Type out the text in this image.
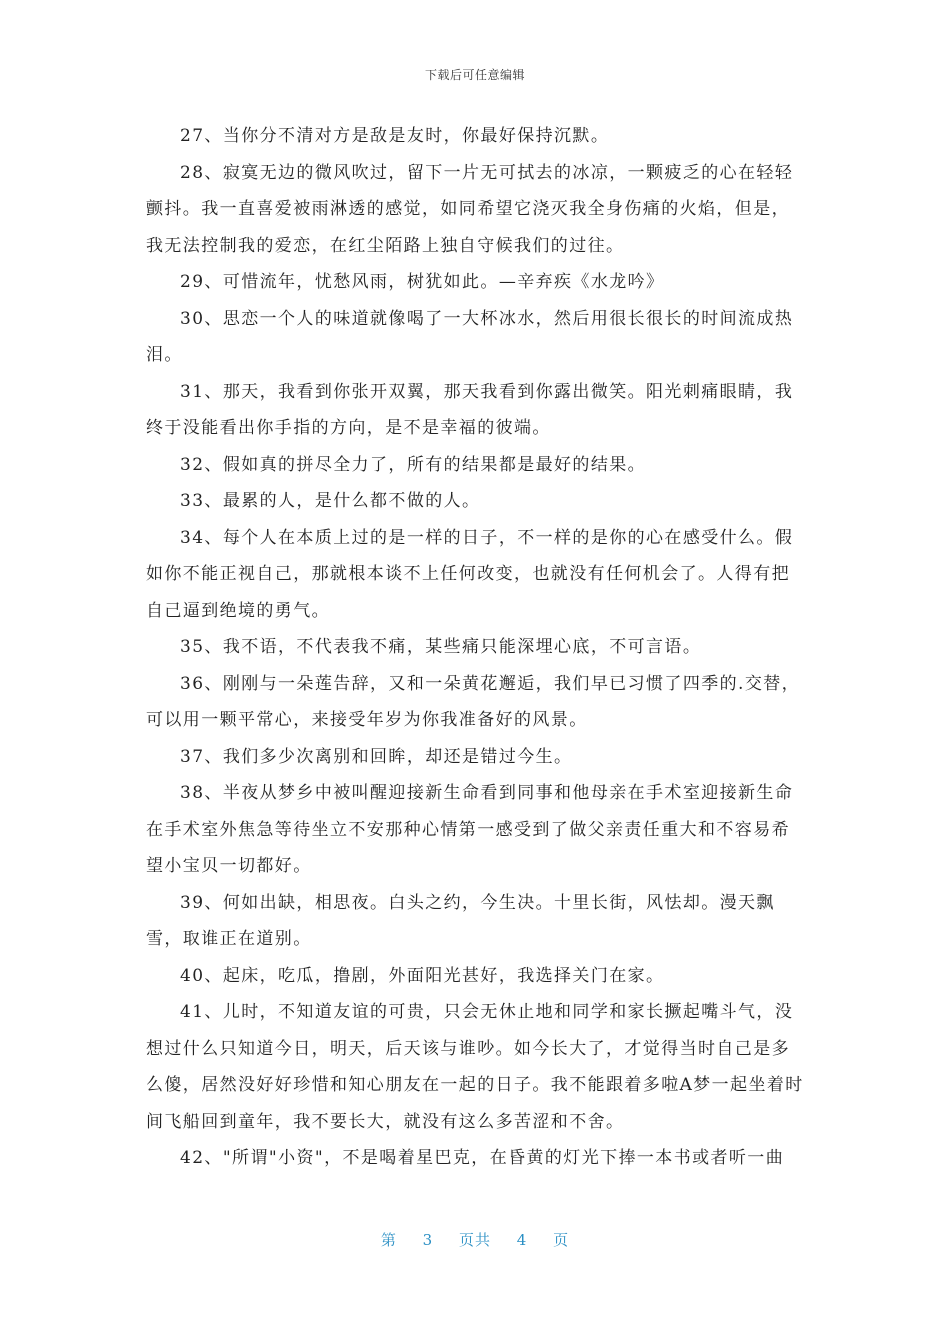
下载后可任意编辑

27、当你分不清对方是敌是友时，你最好保持沉默。

28、寂寞无边的微风吹过，留下一片无可拭去的冰凉，一颗疲乏的心在轻轻颤抖。我一直喜爱被雨淋透的感觉，如同希望它浇灭我全身伤痛的火焰，但是，我无法控制我的爱恋，在红尘陌路上独自守候我们的过往。

29、可惜流年，忧愁风雨，树犹如此。—辛弃疾《水龙吟》

30、思恋一个人的味道就像喝了一大杯冰水，然后用很长很长的时间流成热泪。

31、那天，我看到你张开双翼，那天我看到你露出微笑。阳光刺痛眼睛，我终于没能看出你手指的方向，是不是幸福的彼端。

32、假如真的拼尽全力了，所有的结果都是最好的结果。

33、最累的人，是什么都不做的人。

34、每个人在本质上过的是一样的日子，不一样的是你的心在感受什么。假如你不能正视自己，那就根本谈不上任何改变，也就没有任何机会了。人得有把自己逼到绝境的勇气。

35、我不语，不代表我不痛，某些痛只能深埋心底，不可言语。

36、刚刚与一朵莲告辞，又和一朵黄花邂逅，我们早已习惯了四季的.交替，可以用一颗平常心，来接受年岁为你我准备好的风景。

37、我们多少次离别和回眸，却还是错过今生。

38、半夜从梦乡中被叫醒迎接新生命看到同事和他母亲在手术室迎接新生命在手术室外焦急等待坐立不安那种心情第一感受到了做父亲责任重大和不容易希望小宝贝一切都好。

39、何如出缺，相思夜。白头之约，今生决。十里长街，风怯却。漫天飘雪，取谁正在道别。

40、起床，吃瓜，撸剧，外面阳光甚好，我选择关门在家。

41、儿时，不知道友谊的可贵，只会无休止地和同学和家长撅起嘴斗气，没想过什么只知道今日，明天，后天该与谁吵。如今长大了，才觉得当时自己是多么傻，居然没好好珍惜和知心朋友在一起的日子。我不能跟着多啦A梦一起坐着时间飞船回到童年，我不要长大，就没有这么多苦涩和不舍。

42、"所谓"小资"，不是喝着星巴克，在昏黄的灯光下捧一本书或者听一曲

第 3 页共 4 页
